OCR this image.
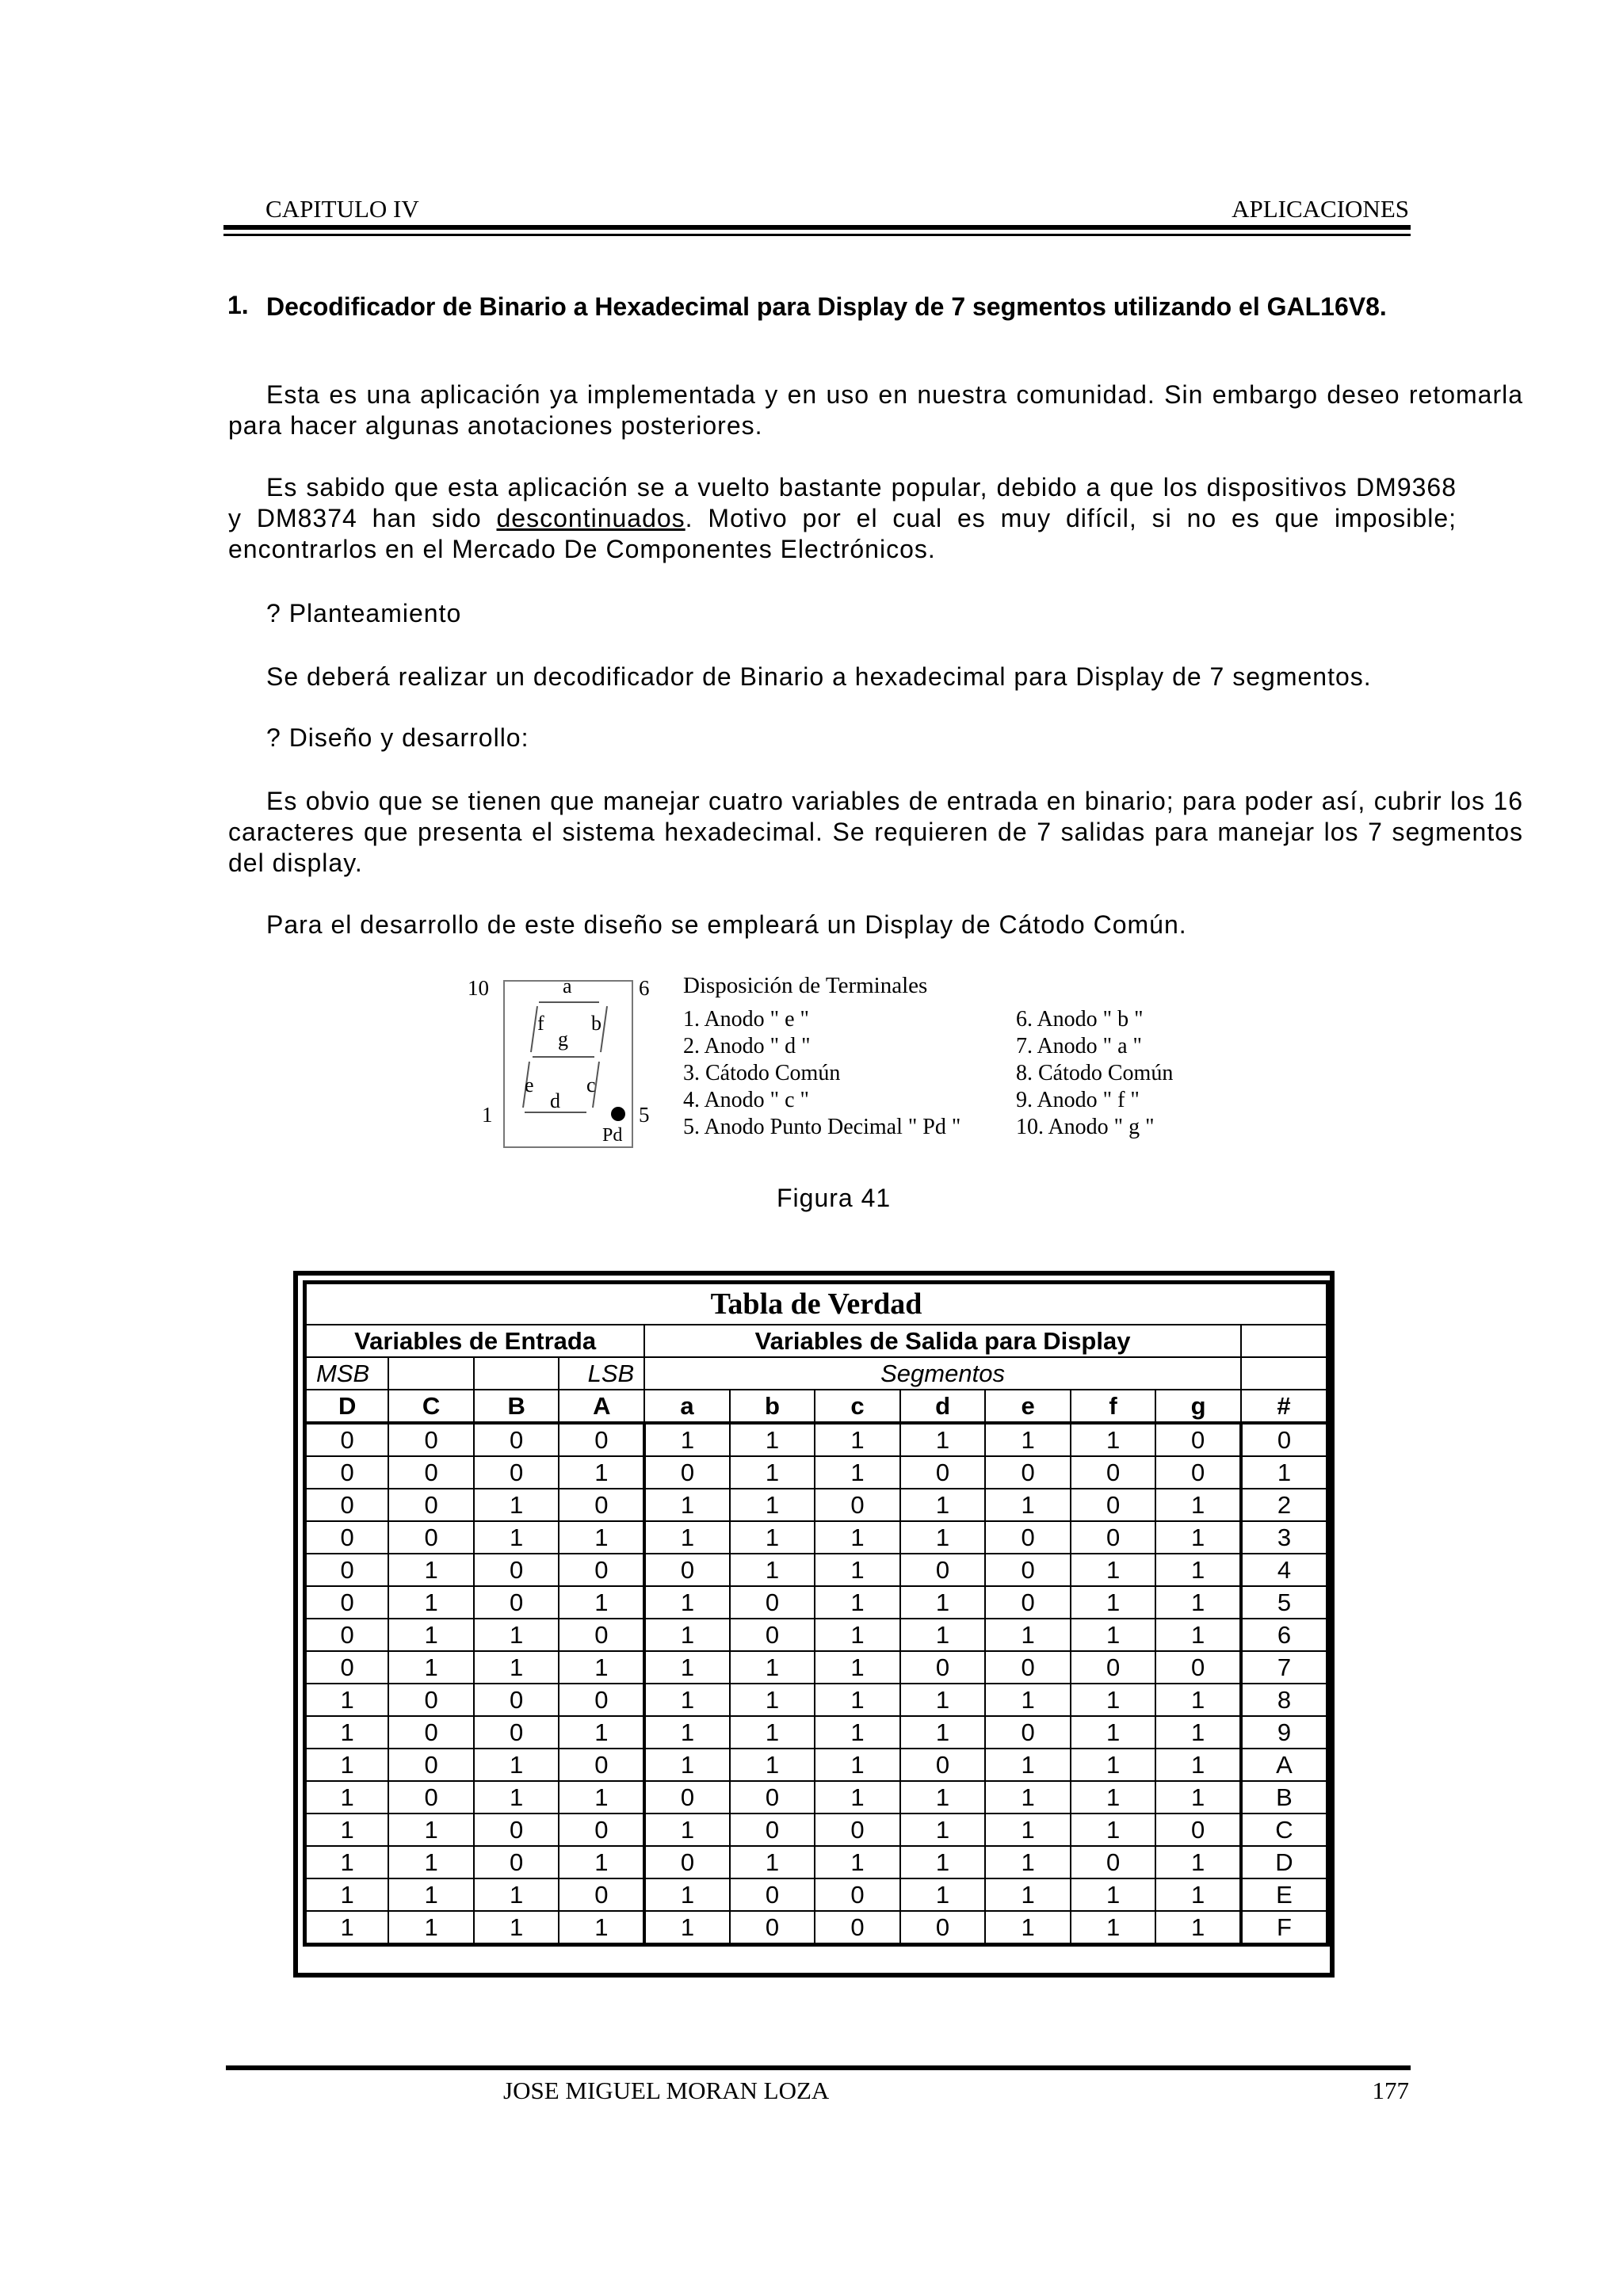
CAPITULO IV	APLICACIONES
1. Decodificador de Binario a Hexadecimal para Display de 7 segmentos utilizando el GAL16V8.
Esta es una aplicación ya implementada y en uso en nuestra comunidad. Sin embargo deseo retomarla para hacer algunas anotaciones posteriores.
Es sabido que esta aplicación se a vuelto bastante popular, debido a que los dispositivos DM9368 y DM8374 han sido descontinuados. Motivo por el cual es muy difícil, si no es que imposible; encontrarlos en el Mercado De Componentes Electrónicos.
? Planteamiento
Se deberá realizar un decodificador de Binario a hexadecimal para Display de 7 segmentos.
? Diseño y desarrollo:
Es obvio que se tienen que manejar cuatro variables de entrada en binario; para poder así, cubrir los 16 caracteres que presenta el sistema hexadecimal. Se requieren de 7 salidas para manejar los 7 segmentos del display.
Para el desarrollo de este diseño se empleará un Display de Cátodo Común.
10	6
1	5
a
f
g
b
e
d
c
Pd
Disposición de Terminales
1. Anodo " e "
2. Anodo " d "
3. Cátodo Común
4. Anodo " c "
5. Anodo Punto Decimal " Pd "
6. Anodo " b "
7. Anodo " a "
8. Cátodo Común
9. Anodo " f "
10. Anodo " g "
Figura 41
Tabla de Verdad											
Variables de Entrada				Variables de Salida para Display							
MSB			LSB	Segmentos							
D	C	B	A	a	b	c	d	e	f	g	#
0	0	0	0	1	1	1	1	1	1	0	0
0	0	0	1	0	1	1	0	0	0	0	1
0	0	1	0	1	1	0	1	1	0	1	2
0	0	1	1	1	1	1	1	0	0	1	3
0	1	0	0	0	1	1	0	0	1	1	4
0	1	0	1	1	0	1	1	0	1	1	5
0	1	1	0	1	0	1	1	1	1	1	6
0	1	1	1	1	1	1	0	0	0	0	7
1	0	0	0	1	1	1	1	1	1	1	8
1	0	0	1	1	1	1	1	0	1	1	9
1	0	1	0	1	1	1	0	1	1	1	A
1	0	1	1	0	0	1	1	1	1	1	B
1	1	0	0	1	0	0	1	1	1	0	C
1	1	0	1	0	1	1	1	1	0	1	D
1	1	1	0	1	0	0	1	1	1	1	E
1	1	1	1	1	0	0	0	1	1	1	F
JOSE MIGUEL MORAN LOZA	177
